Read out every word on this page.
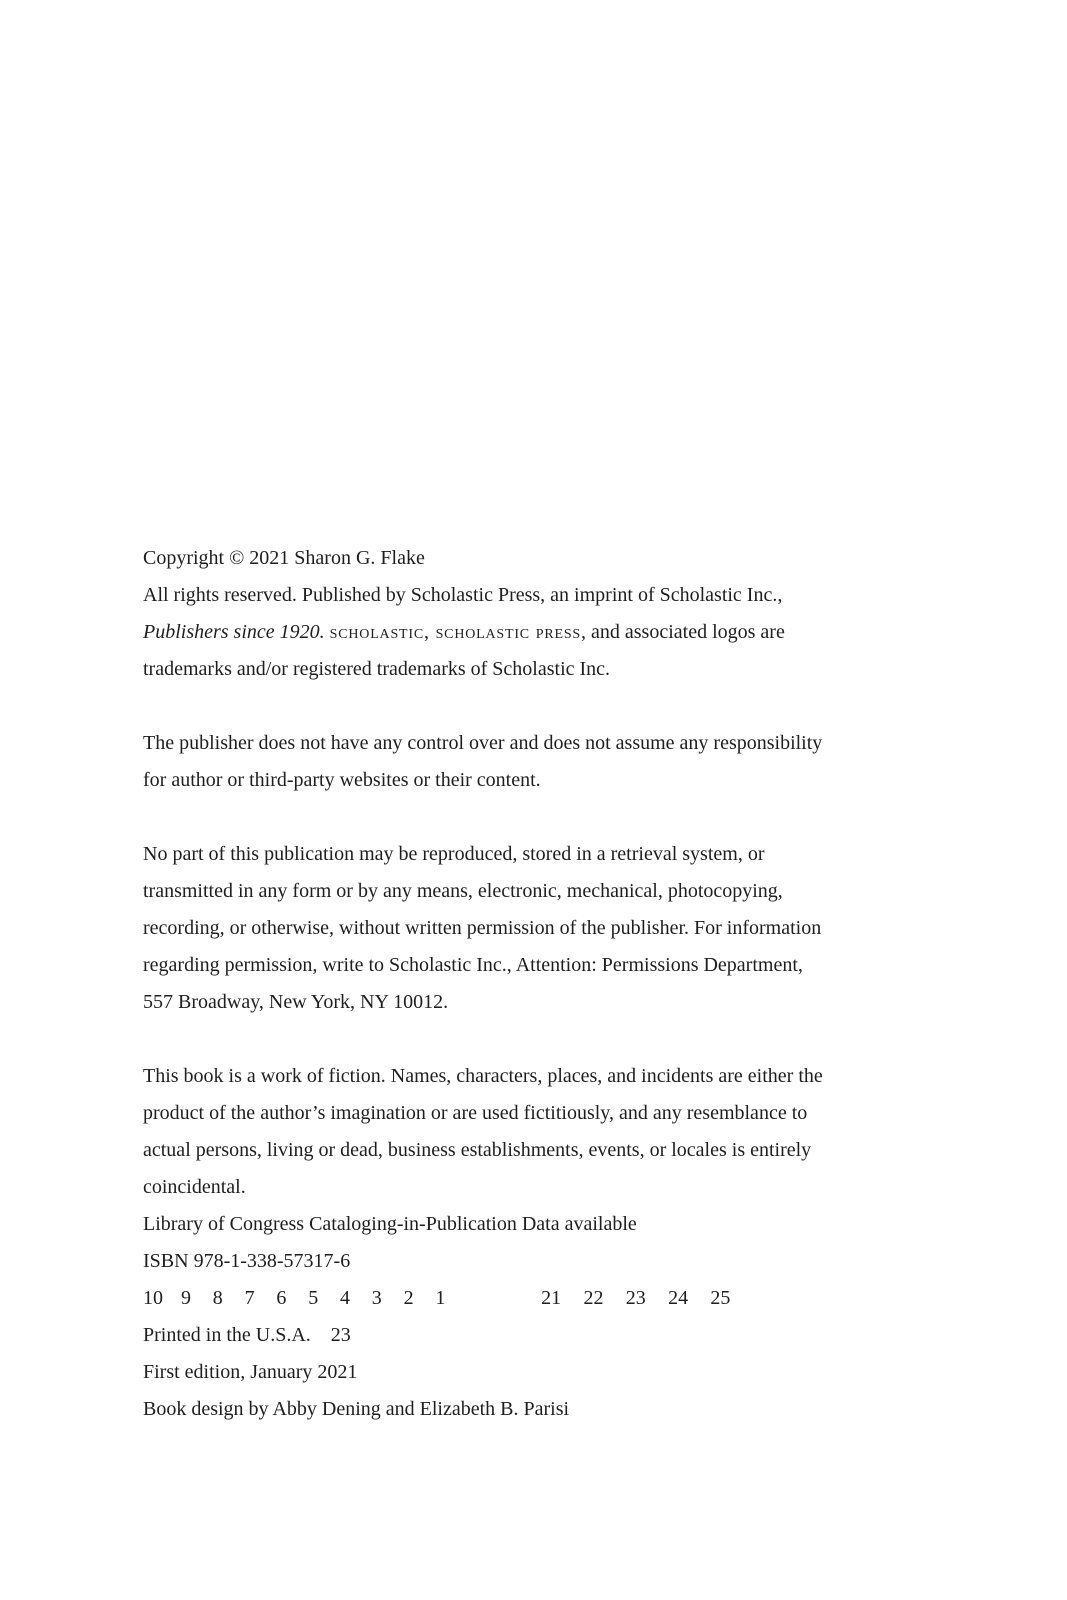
Copyright © 2021 Sharon G. Flake
All rights reserved. Published by Scholastic Press, an imprint of Scholastic Inc.,
Publishers since 1920. scholastic, scholastic press, and associated logos are
trademarks and/or registered trademarks of Scholastic Inc.
The publisher does not have any control over and does not assume any responsibility
for author or third-party websites or their content.
No part of this publication may be reproduced, stored in a retrieval system, or
transmitted in any form or by any means, electronic, mechanical, photocopying,
recording, or otherwise, without written permission of the publisher. For information
regarding permission, write to Scholastic Inc., Attention: Permissions Department,
557 Broadway, New York, NY 10012.
This book is a work of fiction. Names, characters, places, and incidents are either the
product of the author’s imagination or are used fictitiously, and any resemblance to
actual persons, living or dead, business establishments, events, or locales is entirely
coincidental.
Library of Congress Cataloging-in-Publication Data available
ISBN 978-1-338-57317-6
10 9	8	7	6	5	4	3	2	1	21	22	23	24	25
Printed in the U.S.A. 23
First edition, January 2021
Book design by Abby Dening and Elizabeth B. Parisi
